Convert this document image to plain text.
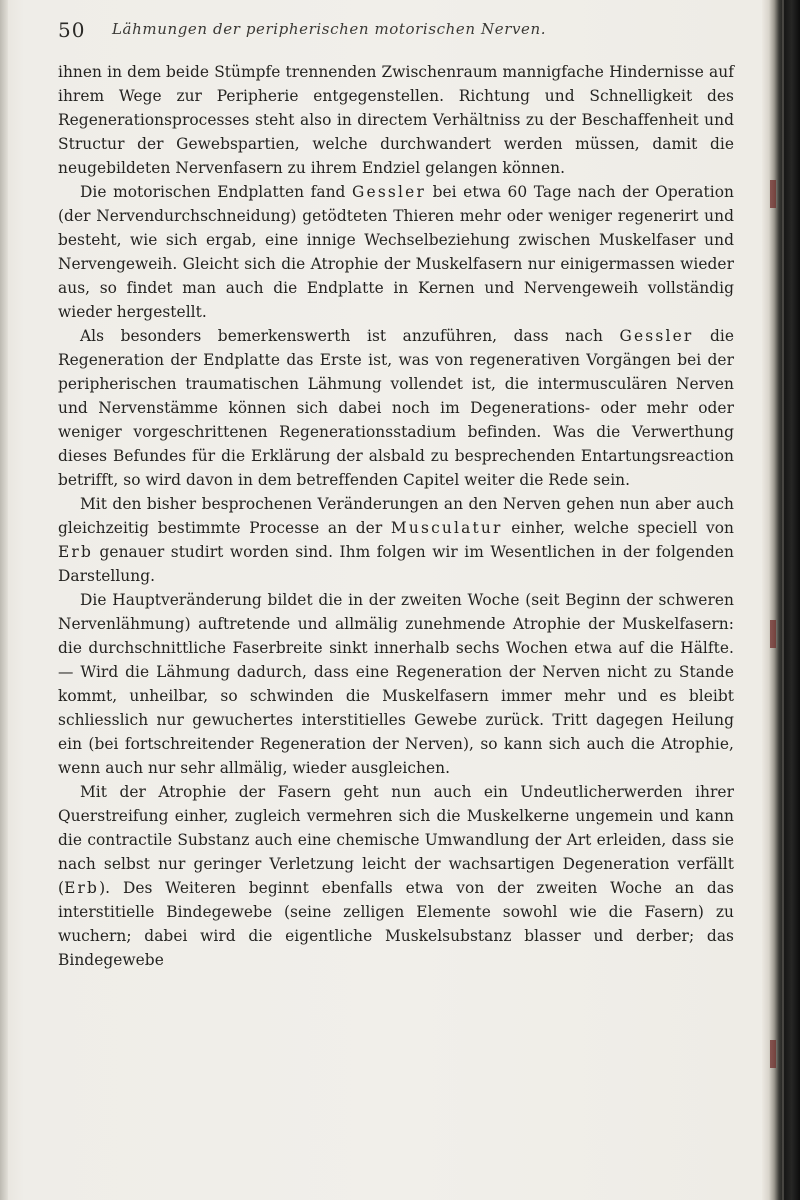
50 Lähmungen der peripherischen motorischen Nerven.

ihnen in dem beide Stümpfe trennenden Zwischenraum mannigfache Hindernisse auf ihrem Wege zur Peripherie entgegenstellen. Richtung und Schnelligkeit des Regenerationsprocesses steht also in directem Verhältniss zu der Beschaffenheit und Structur der Gewebspartien, welche durchwandert werden müssen, damit die neugebildeten Nervenfasern zu ihrem Endziel gelangen können.

Die motorischen Endplatten fand Gessler bei etwa 60 Tage nach der Operation (der Nervendurchschneidung) getödteten Thieren mehr oder weniger regenerirt und besteht, wie sich ergab, eine innige Wechselbeziehung zwischen Muskelfaser und Nervengeweih. Gleicht sich die Atrophie der Muskelfasern nur einigermassen wieder aus, so findet man auch die Endplatte in Kernen und Nervengeweih vollständig wieder hergestellt.

Als besonders bemerkenswerth ist anzuführen, dass nach Gessler die Regeneration der Endplatte das Erste ist, was von regenerativen Vorgängen bei der peripherischen traumatischen Lähmung vollendet ist, die intermusculären Nerven und Nervenstämme können sich dabei noch im Degenerations- oder mehr oder weniger vorgeschrittenen Regenerationsstadium befinden. Was die Verwerthung dieses Befundes für die Erklärung der alsbald zu besprechenden Entartungsreaction betrifft, so wird davon in dem betreffenden Capitel weiter die Rede sein.

Mit den bisher besprochenen Veränderungen an den Nerven gehen nun aber auch gleichzeitig bestimmte Processe an der Musculatur einher, welche speciell von Erb genauer studirt worden sind. Ihm folgen wir im Wesentlichen in der folgenden Darstellung.

Die Hauptveränderung bildet die in der zweiten Woche (seit Beginn der schweren Nervenlähmung) auftretende und allmälig zunehmende Atrophie der Muskelfasern: die durchschnittliche Faserbreite sinkt innerhalb sechs Wochen etwa auf die Hälfte. — Wird die Lähmung dadurch, dass eine Regeneration der Nerven nicht zu Stande kommt, unheilbar, so schwinden die Muskelfasern immer mehr und es bleibt schliesslich nur gewuchertes interstitielles Gewebe zurück. Tritt dagegen Heilung ein (bei fortschreitender Regeneration der Nerven), so kann sich auch die Atrophie, wenn auch nur sehr allmälig, wieder ausgleichen.

Mit der Atrophie der Fasern geht nun auch ein Undeutlicherwerden ihrer Querstreifung einher, zugleich vermehren sich die Muskelkerne ungemein und kann die contractile Substanz auch eine chemische Umwandlung der Art erleiden, dass sie nach selbst nur geringer Verletzung leicht der wachsartigen Degeneration verfällt (Erb). Des Weiteren beginnt ebenfalls etwa von der zweiten Woche an das interstitielle Bindegewebe (seine zelligen Elemente sowohl wie die Fasern) zu wuchern; dabei wird die eigentliche Muskelsubstanz blasser und derber; das Bindegewebe
